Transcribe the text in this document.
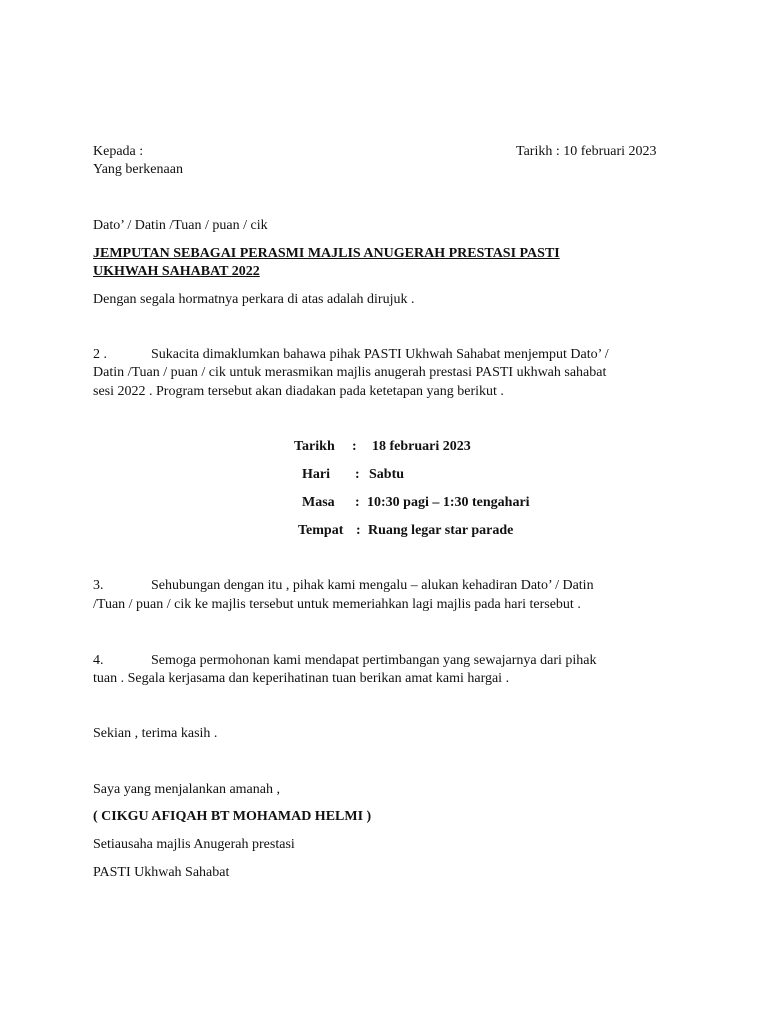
Kepada :	Tarikh : 10 februari 2023
Yang berkenaan
Dato’ / Datin /Tuan / puan / cik
JEMPUTAN SEBAGAI PERASMI MAJLIS ANUGERAH PRESTASI PASTI
UKHWAH SAHABAT 2022
Dengan segala hormatnya perkara di atas adalah dirujuk .
2 .	Sukacita dimaklumkan bahawa pihak PASTI Ukhwah Sahabat menjemput Dato’ /
Datin /Tuan / puan / cik untuk merasmikan majlis anugerah prestasi PASTI ukhwah sahabat
sesi 2022 . Program tersebut akan diadakan pada ketetapan yang berikut .
Tarikh : 18 februari 2023
Hari : Sabtu
Masa : 10:30 pagi – 1:30 tengahari
Tempat : Ruang legar star parade
3.	Sehubungan dengan itu , pihak kami mengalu – alukan kehadiran Dato’ / Datin
/Tuan / puan / cik ke majlis tersebut untuk memeriahkan lagi majlis pada hari tersebut .
4.	Semoga permohonan kami mendapat pertimbangan yang sewajarnya dari pihak
tuan . Segala kerjasama dan keperihatinan tuan berikan amat kami hargai .
Sekian , terima kasih .
Saya yang menjalankan amanah ,
( CIKGU AFIQAH BT MOHAMAD HELMI )
Setiausaha majlis Anugerah prestasi
PASTI Ukhwah Sahabat
